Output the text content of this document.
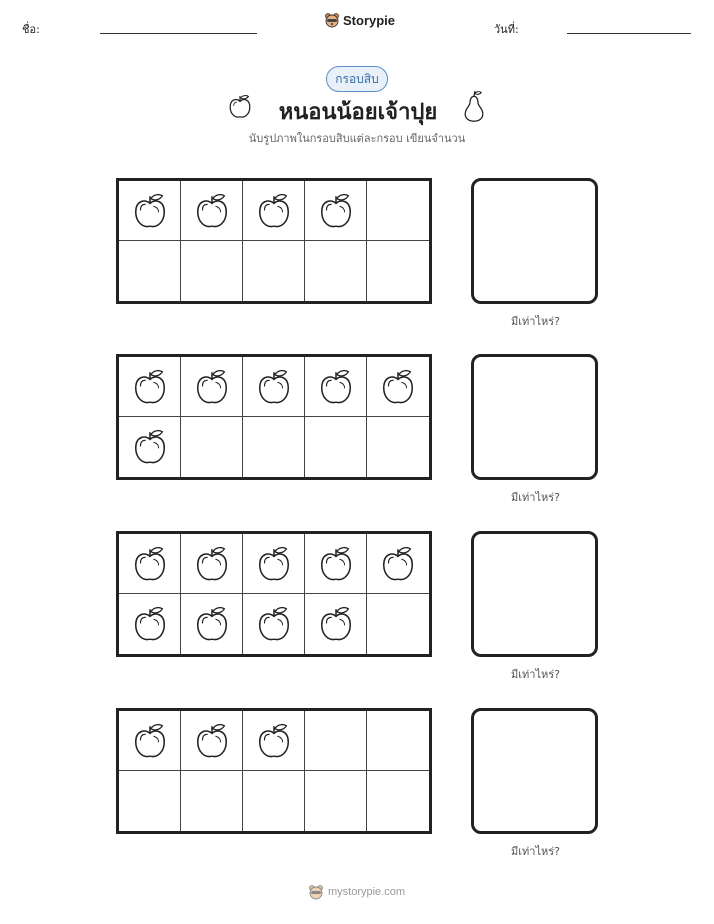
ชื่อ:
Storypie
วันที่:
กรอบสิบ
หนอนน้อยเจ้าปุย
นับรูปภาพในกรอบสิบแต่ละกรอบ เขียนจำนวน
มีเท่าไหร่?
มีเท่าไหร่?
มีเท่าไหร่?
มีเท่าไหร่?
mystorypie.com
